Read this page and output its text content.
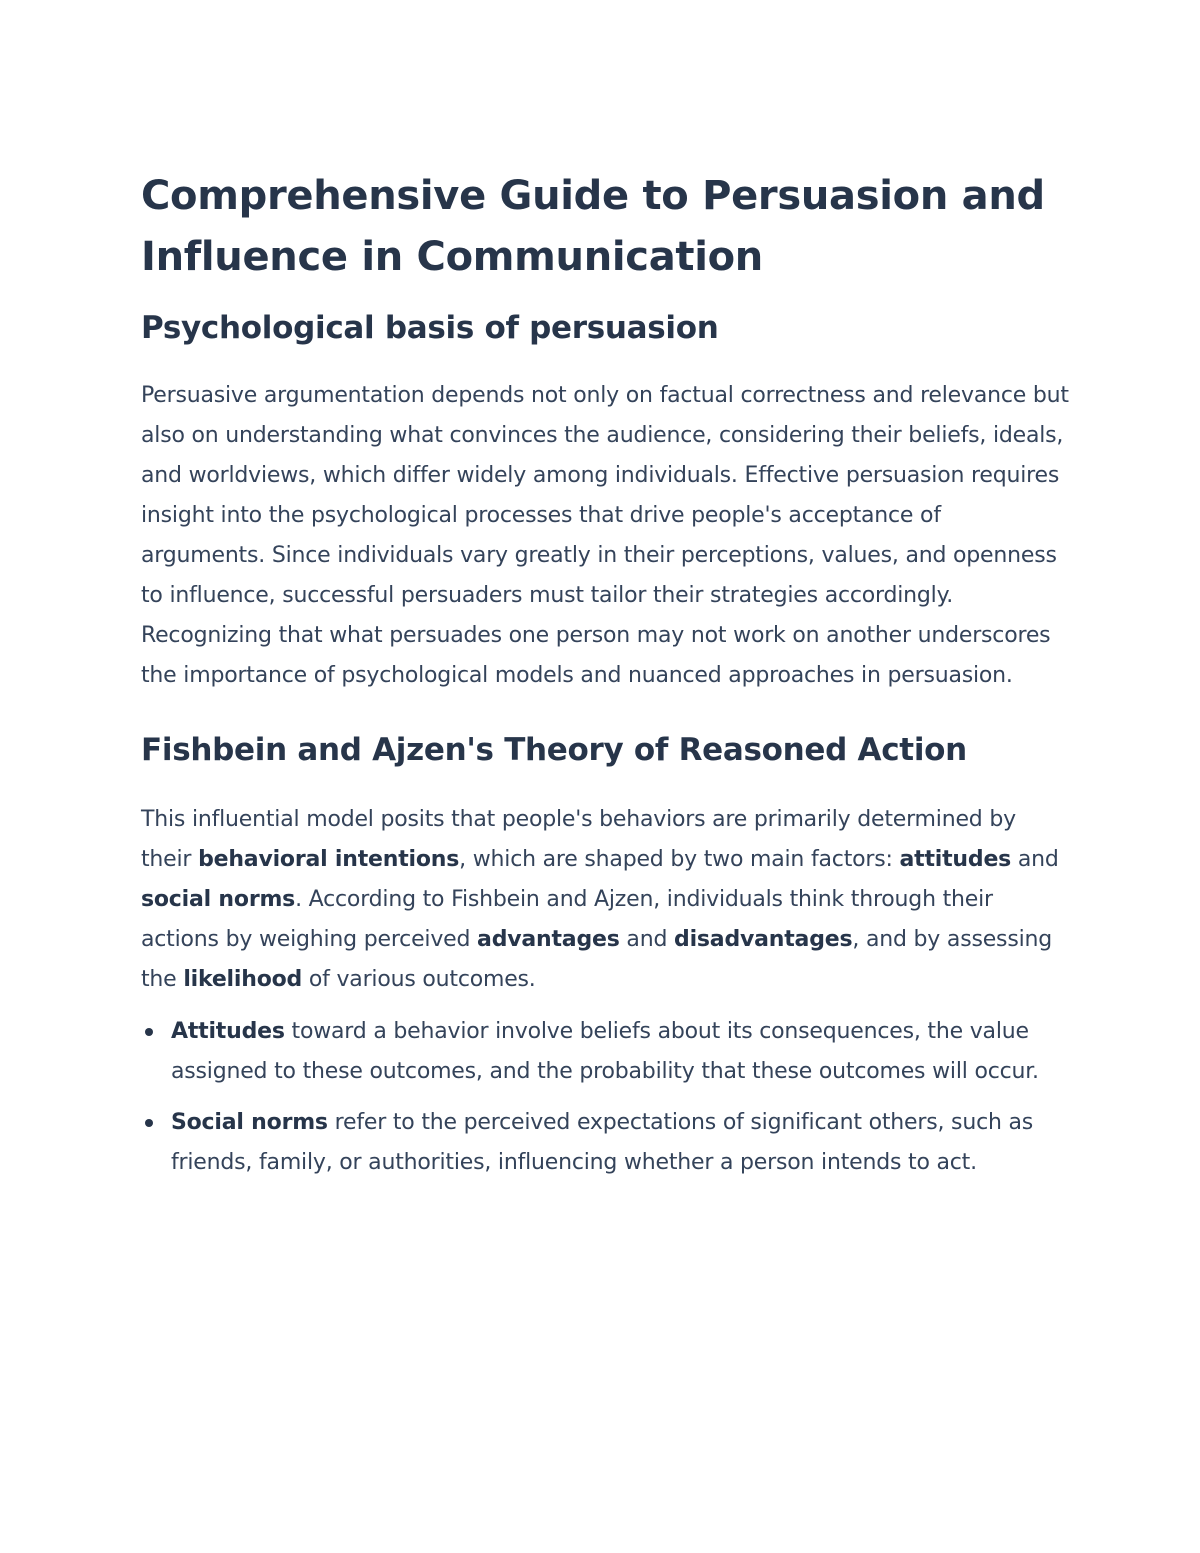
Comprehensive Guide to Persuasion and Influence in Communication
Psychological basis of persuasion

Persuasive argumentation depends not only on factual correctness and relevance but also on understanding what convinces the audience, considering their beliefs, ideals, and worldviews, which differ widely among individuals. Effective persuasion requires insight into the psychological processes that drive people's acceptance of arguments. Since individuals vary greatly in their perceptions, values, and openness to influence, successful persuaders must tailor their strategies accordingly. Recognizing that what persuades one person may not work on another underscores the importance of psychological models and nuanced approaches in persuasion.

Fishbein and Ajzen's Theory of Reasoned Action

This influential model posits that people's behaviors are primarily determined by their behavioral intentions, which are shaped by two main factors: attitudes and social norms. According to Fishbein and Ajzen, individuals think through their actions by weighing perceived advantages and disadvantages, and by assessing the likelihood of various outcomes.

Attitudes toward a behavior involve beliefs about its consequences, the value assigned to these outcomes, and the probability that these outcomes will occur.
Social norms refer to the perceived expectations of significant others, such as friends, family, or authorities, influencing whether a person intends to act.
